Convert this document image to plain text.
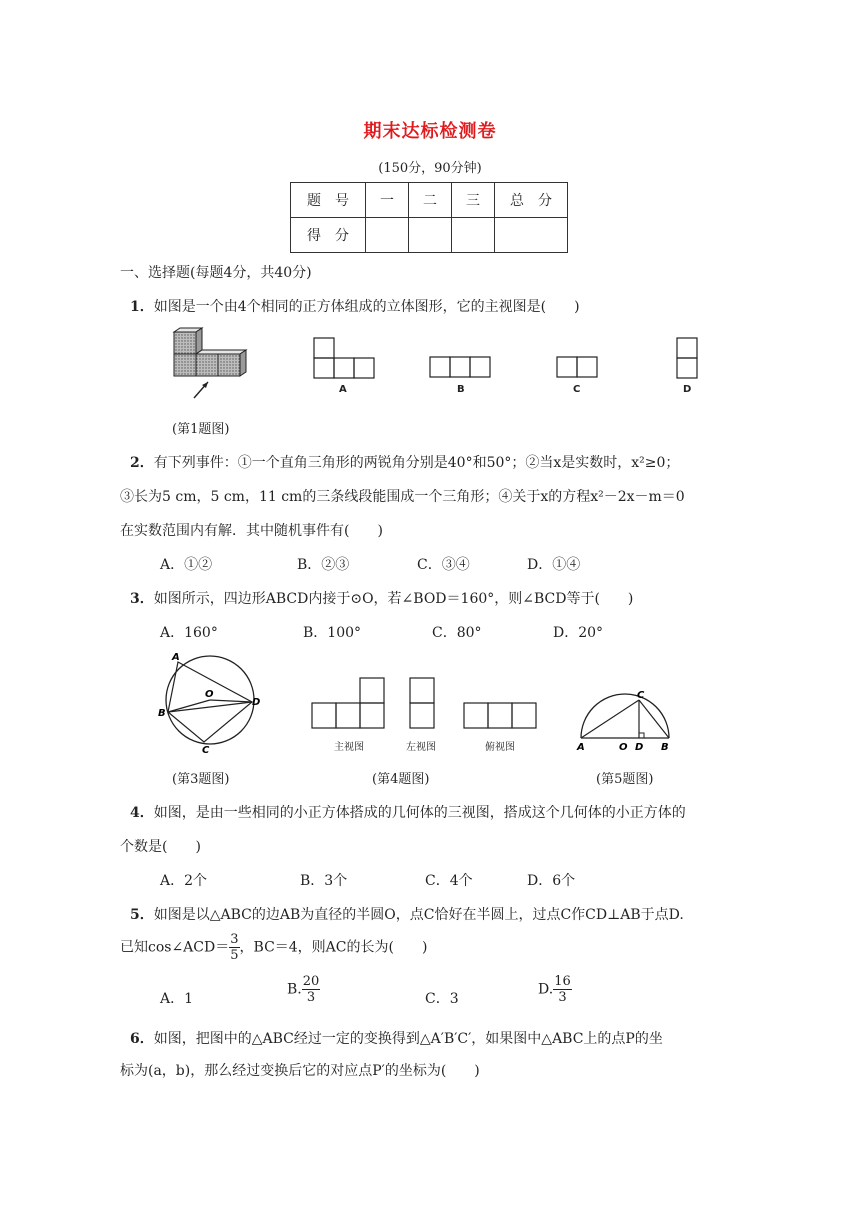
期末达标检测卷
(150分，90分钟)
题　号	一	二	三	总　分
得　分				
一、选择题(每题4分，共40分)
1．如图是一个由4个相同的正方体组成的立体图形，它的主视图是(　　)
A	B	C	D
(第1题图)
2．有下列事件：①一个直角三角形的两锐角分别是40°和50°；②当x是实数时，x²≥0；
③长为5 cm，5 cm，11 cm的三条线段能围成一个三角形；④关于x的方程x²－2x－m＝0
在实数范围内有解．其中随机事件有(　　)
A．①②	B．②③	C．③④	D．①④
3．如图所示，四边形ABCD内接于⊙O，若∠BOD＝160°，则∠BCD等于(　　)
A．160°	B．100°	C．80°	D．20°
A
B
C
D
O
主视图	左视图	俯视图
C
A	O D B
(第3题图)	(第4题图)	(第5题图)
4．如图，是由一些相同的小正方体搭成的几何体的三视图，搭成这个几何体的小正方体的
个数是(　　)
A．2个	B．3个	C．4个	D．6个
5．如图是以△ABC的边AB为直径的半圆O，点C恰好在半圆上，过点C作CD⊥AB于点D.
已知cos∠ACD＝ $\frac{3}{5}$ ，BC＝4，则AC的长为(　　)
A．1
B. $\frac{20}{3}$	C．3
D. $\frac{16}{3}$
6．如图，把图中的△ABC经过一定的变换得到△A′B′C′，如果图中△ABC上的点P的坐
标为(a，b)，那么经过变换后它的对应点P′的坐标为(　　)
